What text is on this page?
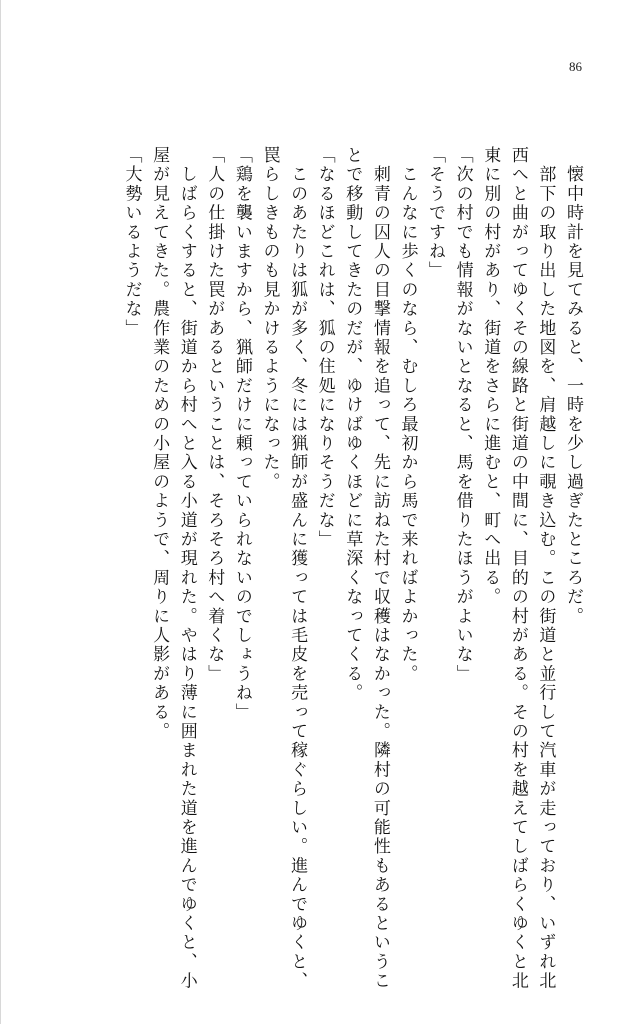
86
　懐中時計を見てみると、一時を少し過ぎたところだ。
　部下の取り出した地図を、肩越しに覗き込む。この街道と並行して汽車が走っており、いずれ北
西へと曲がってゆくその線路と街道の中間に、目的の村がある。その村を越えてしばらくゆくと北
東に別の村があり、街道をさらに進むと、町へ出る。
「次の村でも情報がないとなると、馬を借りたほうがよいな」
「そうですね」
　こんなに歩くのなら、むしろ最初から馬で来ればよかった。
　刺青の囚人の目撃情報を追って、先に訪ねた村で収穫はなかった。隣村の可能性もあるというこ
とで移動してきたのだが、ゆけばゆくほどに草深くなってくる。
「なるほどこれは、狐の住処になりそうだな」
　このあたりは狐が多く、冬には猟師が盛んに獲っては毛皮を売って稼ぐらしい。進んでゆくと、
罠らしきものも見かけるようになった。
「鶏を襲いますから、猟師だけに頼っていられないのでしょうね」
「人の仕掛けた罠があるということは、そろそろ村へ着くな」
　しばらくすると、街道から村へと入る小道が現れた。やはり薄に囲まれた道を進んでゆくと、小
屋が見えてきた。農作業のための小屋のようで、周りに人影がある。
「大勢いるようだな」
